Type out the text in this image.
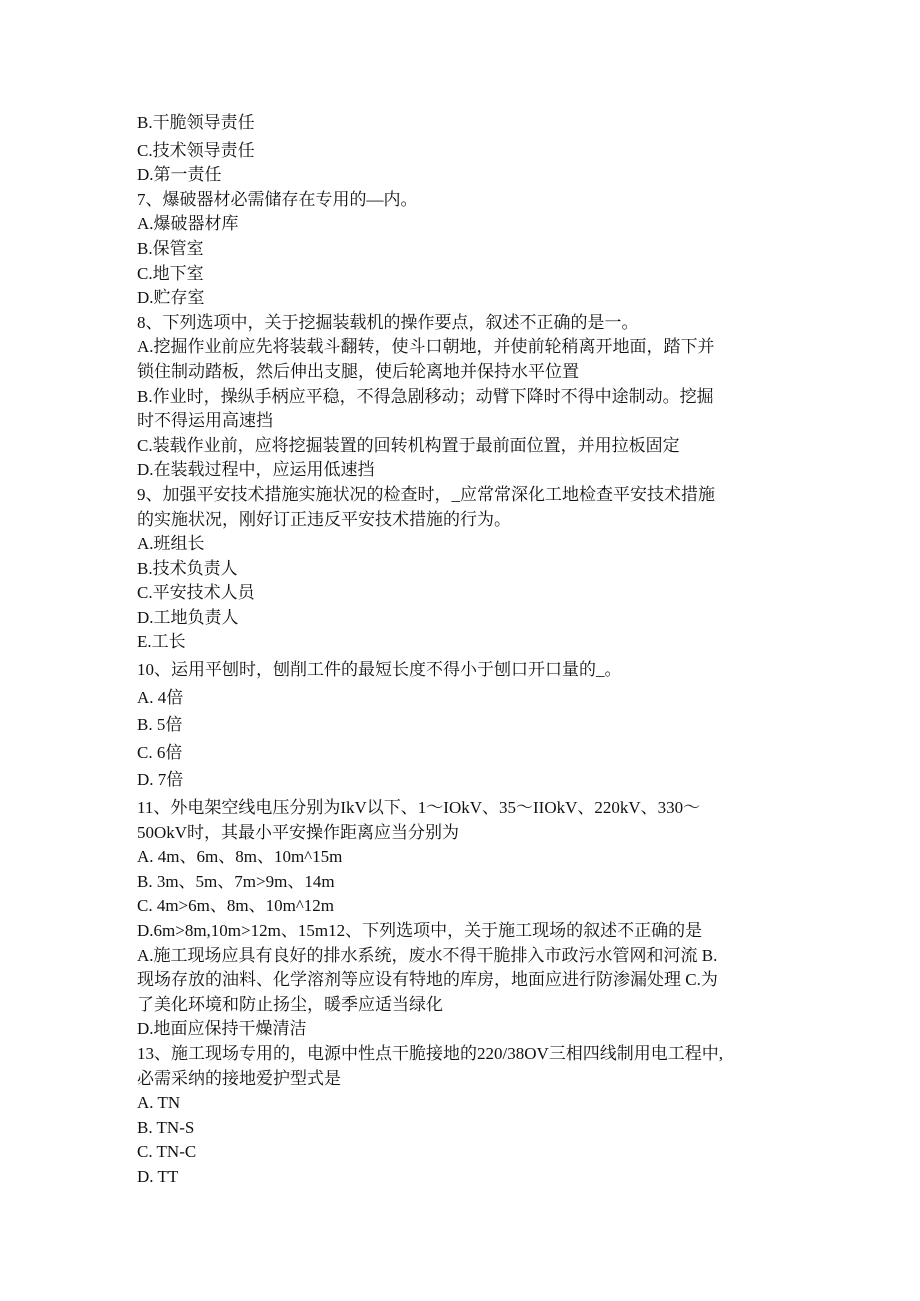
B.干脆领导责任
C.技术领导责任
D.第一责任
7、爆破器材必需储存在专用的—内。
A.爆破器材库
B.保管室
C.地下室
D.贮存室
8、下列选项中，关于挖掘装载机的操作要点，叙述不正确的是一。
A.挖掘作业前应先将装载斗翻转，使斗口朝地，并使前轮稍离开地面，踏下并
锁住制动踏板，然后伸出支腿，使后轮离地并保持水平位置
B.作业时，操纵手柄应平稳，不得急剧移动；动臂下降时不得中途制动。挖掘
时不得运用高速挡
C.装载作业前，应将挖掘装置的回转机构置于最前面位置，并用拉板固定
D.在装载过程中，应运用低速挡
9、加强平安技术措施实施状况的检查时，_应常常深化工地检查平安技术措施
的实施状况，刚好订正违反平安技术措施的行为。
A.班组长
B.技术负责人
C.平安技术人员
D.工地负责人
E.工长
10、运用平刨时，刨削工件的最短长度不得小于刨口开口量的_。
A. 4倍
B. 5倍
C. 6倍
D. 7倍
11、外电架空线电压分别为IkV以下、1～IOkV、35～IIOkV、220kV、330～
50OkV时，其最小平安操作距离应当分别为
A. 4m、6m、8m、10m^15m
B. 3m、5m、7m>9m、14m
C. 4m>6m、8m、10m^12m
D.6m>8m,10m>12m、15m12、下列选项中，关于施工现场的叙述不正确的是
A.施工现场应具有良好的排水系统，废水不得干脆排入市政污水管网和河流 B.
现场存放的油料、化学溶剂等应设有特地的库房，地面应进行防渗漏处理 C.为
了美化环境和防止扬尘，暖季应适当绿化
D.地面应保持干燥清洁
13、施工现场专用的，电源中性点干脆接地的220/38OV三相四线制用电工程中,
必需采纳的接地爱护型式是
A. TN
B. TN-S
C. TN-C
D. TT
